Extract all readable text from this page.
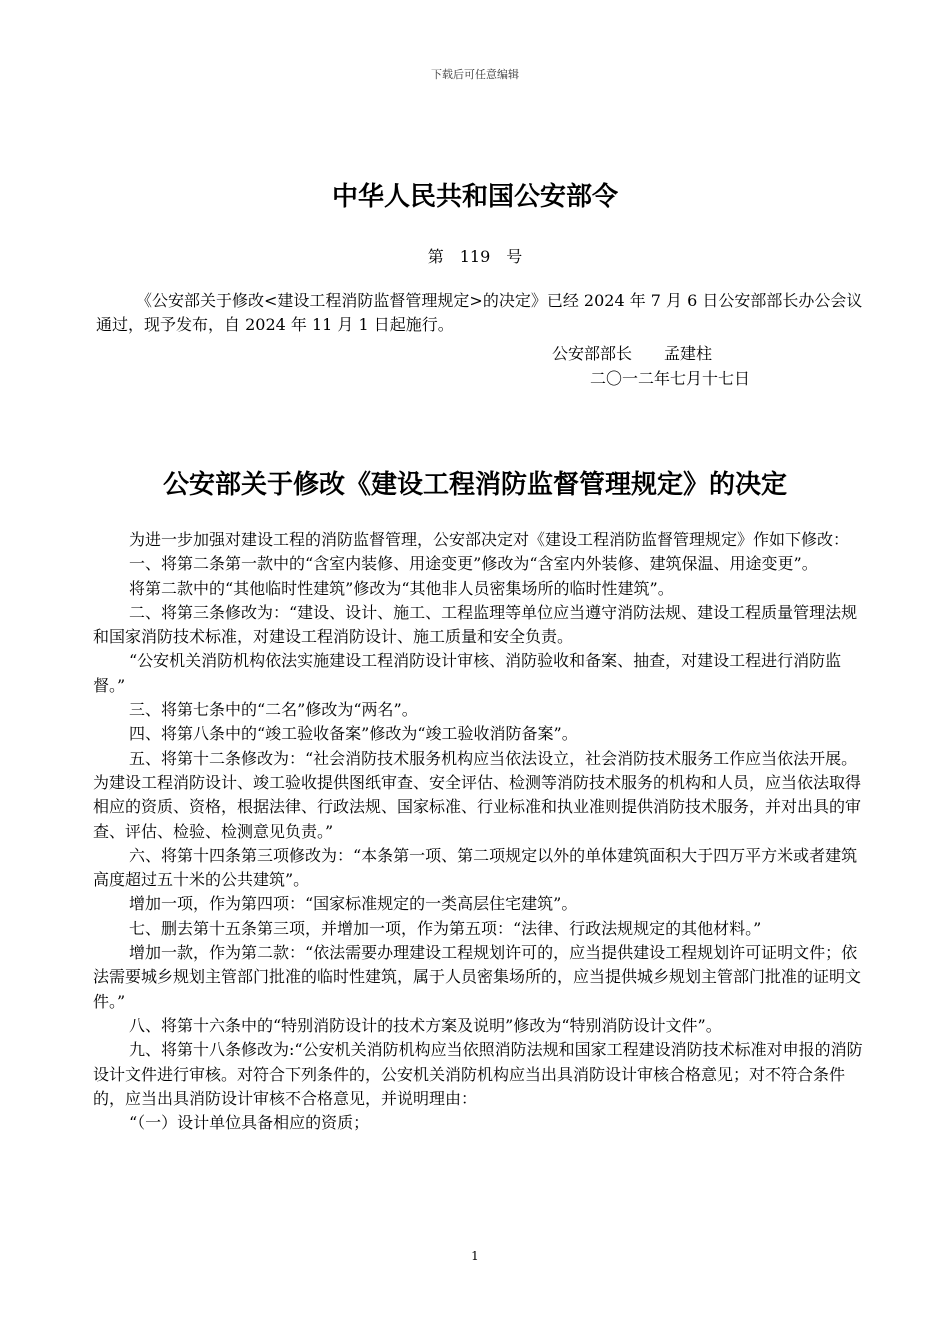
下载后可任意编辑
中华人民共和国公安部令
第　119　号
《公安部关于修改<建设工程消防监督管理规定>的决定》已经 2024 年 7 月 6 日公安部部长办公会议通过，现予发布，自 2024 年 11 月 1 日起施行。
公安部部长　　孟建柱
二〇一二年七月十七日
公安部关于修改《建设工程消防监督管理规定》的决定

为进一步加强对建设工程的消防监督管理，公安部决定对《建设工程消防监督管理规定》作如下修改：

一、将第二条第一款中的“含室内装修、用途变更”修改为“含室内外装修、建筑保温、用途变更”。

将第二款中的“其他临时性建筑”修改为“其他非人员密集场所的临时性建筑”。

二、将第三条修改为：“建设、设计、施工、工程监理等单位应当遵守消防法规、建设工程质量管理法规和国家消防技术标准，对建设工程消防设计、施工质量和安全负责。

“公安机关消防机构依法实施建设工程消防设计审核、消防验收和备案、抽查，对建设工程进行消防监督。”

三、将第七条中的“二名”修改为“两名”。

四、将第八条中的“竣工验收备案”修改为“竣工验收消防备案”。

五、将第十二条修改为：“社会消防技术服务机构应当依法设立，社会消防技术服务工作应当依法开展。为建设工程消防设计、竣工验收提供图纸审查、安全评估、检测等消防技术服务的机构和人员，应当依法取得相应的资质、资格，根据法律、行政法规、国家标准、行业标准和执业准则提供消防技术服务，并对出具的审查、评估、检验、检测意见负责。”

六、将第十四条第三项修改为：“本条第一项、第二项规定以外的单体建筑面积大于四万平方米或者建筑高度超过五十米的公共建筑”。

增加一项，作为第四项：“国家标准规定的一类高层住宅建筑”。

七、删去第十五条第三项，并增加一项，作为第五项：“法律、行政法规规定的其他材料。”

增加一款，作为第二款：“依法需要办理建设工程规划许可的，应当提供建设工程规划许可证明文件；依法需要城乡规划主管部门批准的临时性建筑，属于人员密集场所的，应当提供城乡规划主管部门批准的证明文件。”

八、将第十六条中的“特别消防设计的技术方案及说明”修改为“特别消防设计文件”。

九、将第十八条修改为:“公安机关消防机构应当依照消防法规和国家工程建设消防技术标准对申报的消防设计文件进行审核。对符合下列条件的，公安机关消防机构应当出具消防设计审核合格意见；对不符合条件的，应当出具消防设计审核不合格意见，并说明理由：

“（一）设计单位具备相应的资质；

1
